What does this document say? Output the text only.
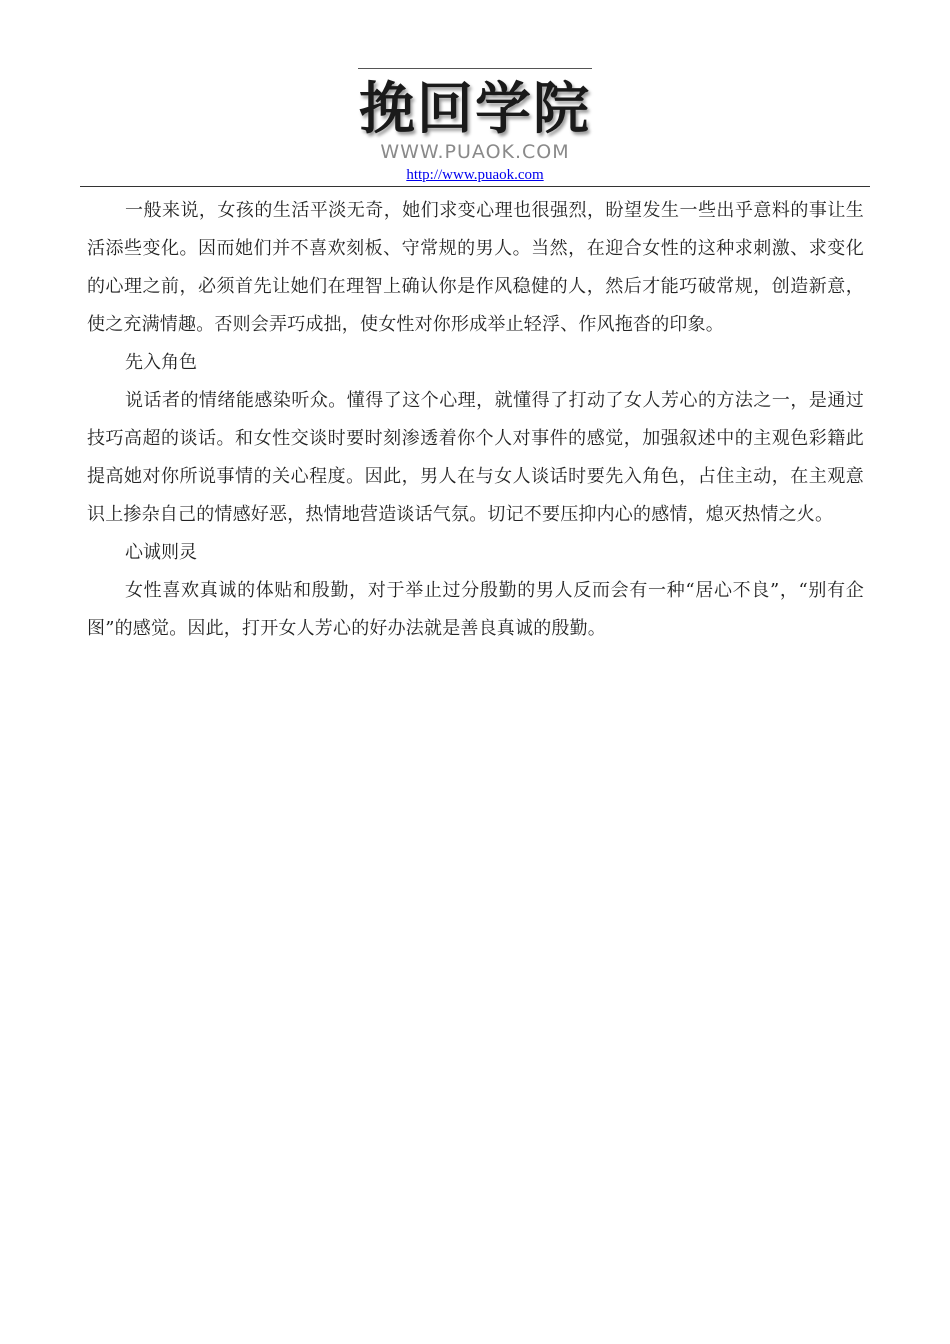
挽回学院
WWW.PUAOK.COM
http://www.puaok.com

一般来说，女孩的生活平淡无奇，她们求变心理也很强烈，盼望发生一些出乎意料的事让生活添些变化。因而她们并不喜欢刻板、守常规的男人。当然，在迎合女性的这种求刺激、求变化的心理之前，必须首先让她们在理智上确认你是作风稳健的人，然后才能巧破常规，创造新意，使之充满情趣。否则会弄巧成拙，使女性对你形成举止轻浮、作风拖沓的印象。

先入角色

说话者的情绪能感染听众。懂得了这个心理，就懂得了打动了女人芳心的方法之一，是通过技巧高超的谈话。和女性交谈时要时刻渗透着你个人对事件的感觉，加强叙述中的主观色彩籍此提高她对你所说事情的关心程度。因此，男人在与女人谈话时要先入角色，占住主动，在主观意识上掺杂自己的情感好恶，热情地营造谈话气氛。切记不要压抑内心的感情，熄灭热情之火。

心诚则灵

女性喜欢真诚的体贴和殷勤，对于举止过分殷勤的男人反而会有一种“居心不良”，“别有企图”的感觉。因此，打开女人芳心的好办法就是善良真诚的殷勤。
